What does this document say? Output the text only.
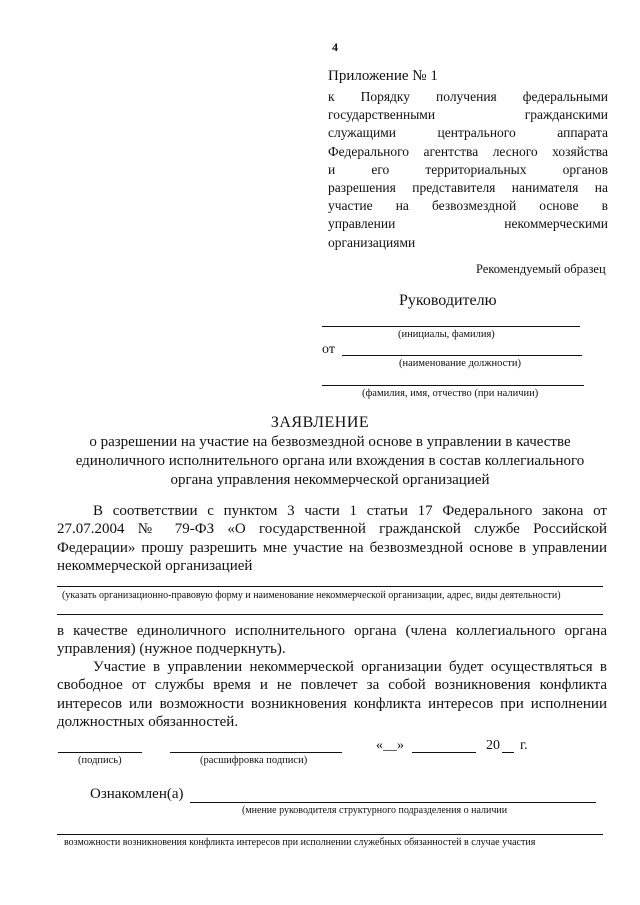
4
Приложение № 1
к Порядку получения федеральными
государственными гражданскими
служащими центрального аппарата
Федерального агентства лесного хозяйства
и его территориальных органов
разрешения представителя нанимателя на
участие на безвозмездной основе в
управлении некоммерческими
организациями
Рекомендуемый образец
Руководителю
(инициалы, фамилия)
от
(наименование должности)
(фамилия, имя, отчество (при наличии)
ЗАЯВЛЕНИЕ
о разрешении на участие на безвозмездной основе в управлении в качестве единоличного исполнительного органа или вхождения в состав коллегиального органа управления некоммерческой организацией
В соответствии с пунктом 3 части 1 статьи 17 Федерального закона от 27.07.2004 № 79-ФЗ «О государственной гражданской службе Российской Федерации» прошу разрешить мне участие на безвозмездной основе в управлении некоммерческой организацией
(указать организационно-правовую форму и наименование некоммерческой организации, адрес, виды деятельности)
в качестве единоличного исполнительного органа (члена коллегиального органа управления) (нужное подчеркнуть).
Участие в управлении некоммерческой организации будет осуществляться в свободное от службы время и не повлечет за собой возникновения конфликта интересов или возможности возникновения конфликта интересов при исполнении должностных обязанностей.
(подпись)	(расшифровка подписи)
«__»	20 г.
Ознакомлен(а)
(мнение руководителя структурного подразделения о наличии
возможности возникновения конфликта интересов при исполнении служебных обязанностей в случае участия
